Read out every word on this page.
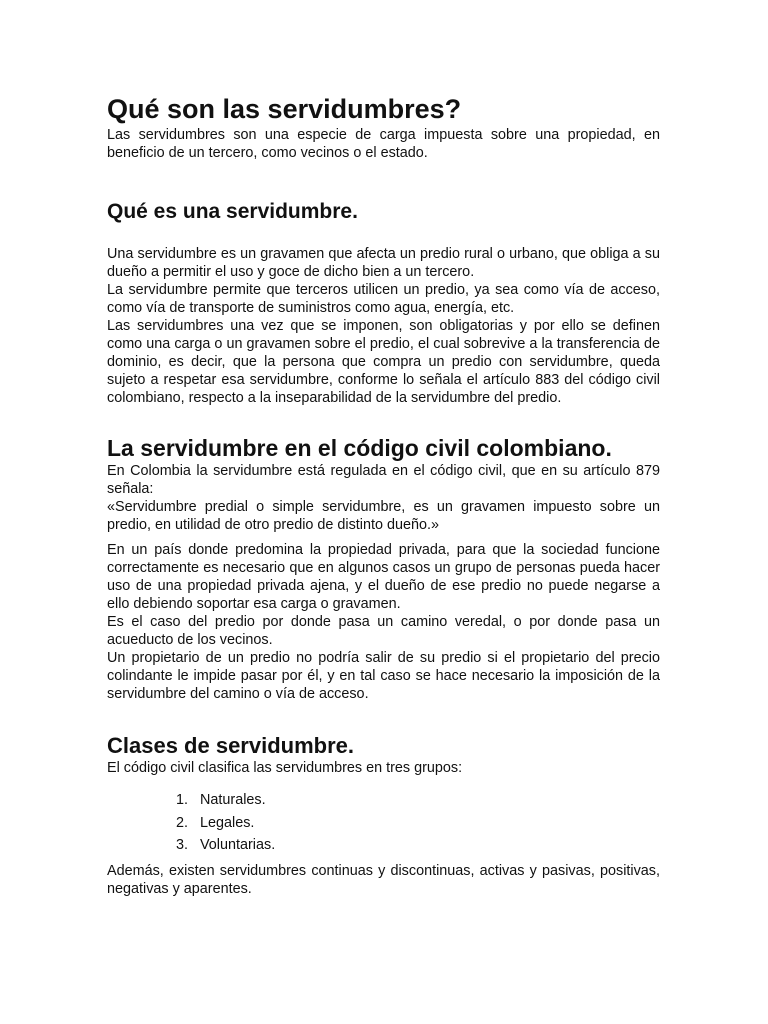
Qué son las servidumbres?

Las servidumbres son una especie de carga impuesta sobre una propiedad, en beneficio de un tercero, como vecinos o el estado.

Qué es una servidumbre.

Una servidumbre es un gravamen que afecta un predio rural o urbano, que obliga a su dueño a permitir el uso y goce de dicho bien a un tercero.

La servidumbre permite que terceros utilicen un predio, ya sea como vía de acceso, como vía de transporte de suministros como agua, energía, etc.

Las servidumbres una vez que se imponen, son obligatorias y por ello se definen como una carga o un gravamen sobre el predio, el cual sobrevive a la transferencia de dominio, es decir, que la persona que compra un predio con servidumbre, queda sujeto a respetar esa servidumbre, conforme lo señala el artículo 883 del código civil colombiano, respecto a la inseparabilidad de la servidumbre del predio.

La servidumbre en el código civil colombiano.

En Colombia la servidumbre está regulada en el código civil, que en su artículo 879 señala:

«Servidumbre predial o simple servidumbre, es un gravamen impuesto sobre un predio, en utilidad de otro predio de distinto dueño.»

En un país donde predomina la propiedad privada, para que la sociedad funcione correctamente es necesario que en algunos casos un grupo de personas pueda hacer uso de una propiedad privada ajena, y el dueño de ese predio no puede negarse a ello debiendo soportar esa carga o gravamen.

Es el caso del predio por donde pasa un camino veredal, o por donde pasa un acueducto de los vecinos.

Un propietario de un predio no podría salir de su predio si el propietario del precio colindante le impide pasar por él, y en tal caso se hace necesario la imposición de la servidumbre del camino o vía de acceso.

Clases de servidumbre.

El código civil clasifica las servidumbres en tres grupos:

1. Naturales.
2. Legales.
3. Voluntarias.

Además, existen servidumbres continuas y discontinuas, activas y pasivas, positivas, negativas y aparentes.
